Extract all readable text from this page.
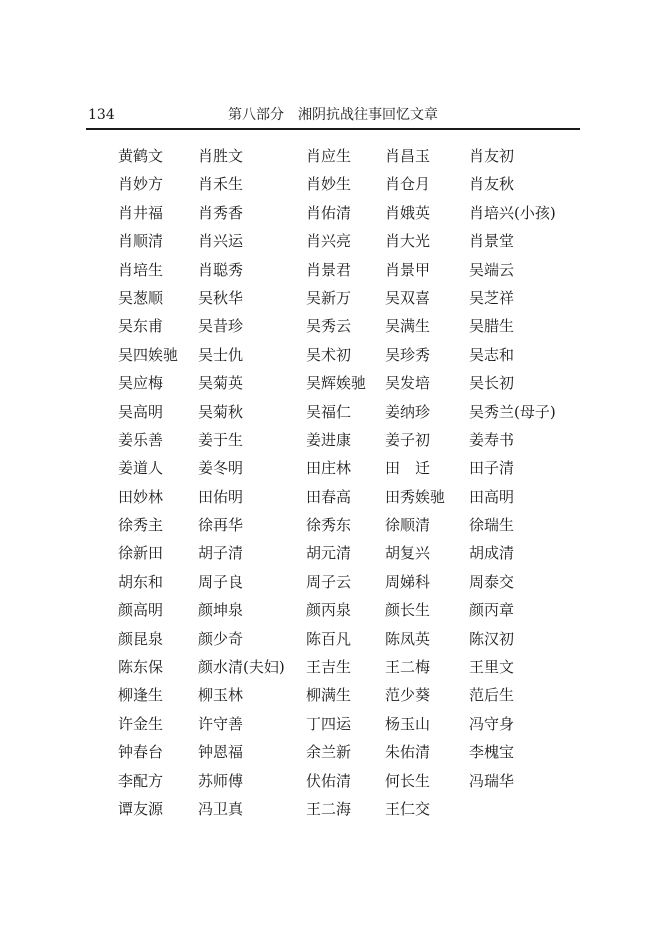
134	第八部分 湘阴抗战往事回忆文章
黄鹤文 肖胜文	肖应生 肖昌玉	肖友初
肖妙方 肖禾生	肖妙生 肖仓月	肖友秋
肖井福 肖秀香	肖佑清 肖娥英	肖培兴(小孩)
肖顺清 肖兴运	肖兴亮 肖大光	肖景堂
肖培生 肖聪秀	肖景君 肖景甲	吴端云
吴葱顺 吴秋华	吴新万 吴双喜	吴芝祥
吴东甫 吴昔珍	吴秀云 吴满生	吴腊生
吴四娭驰 吴士仇	吴术初 吴珍秀	吴志和
吴应梅 吴菊英	吴辉娭驰 吴发培	吴长初
吴高明 吴菊秋	吴福仁 姜纳珍	吴秀兰(母子)
姜乐善 姜于生	姜进康 姜子初	姜寿书
姜道人 姜冬明	田庄林 田　迁	田子清
田妙林 田佑明	田春高 田秀娭驰 田高明
徐秀主 徐再华	徐秀东 徐顺清	徐瑞生
徐新田 胡子清	胡元清 胡复兴	胡成清
胡东和 周子良	周子云 周娣科	周泰交
颜高明 颜坤泉	颜丙泉 颜长生	颜丙章
颜昆泉 颜少奇	陈百凡 陈凤英	陈汉初
陈东保 颜水清(夫妇) 王吉生 王二梅	王里文
柳逢生 柳玉林	柳满生 范少葵	范后生
许金生 许守善	丁四运 杨玉山	冯守身
钟春台 钟恩福	余兰新 朱佑清	李槐宝
李配方 苏师傅	伏佑清 何长生	冯瑞华
谭友源 冯卫真	王二海 王仁交
